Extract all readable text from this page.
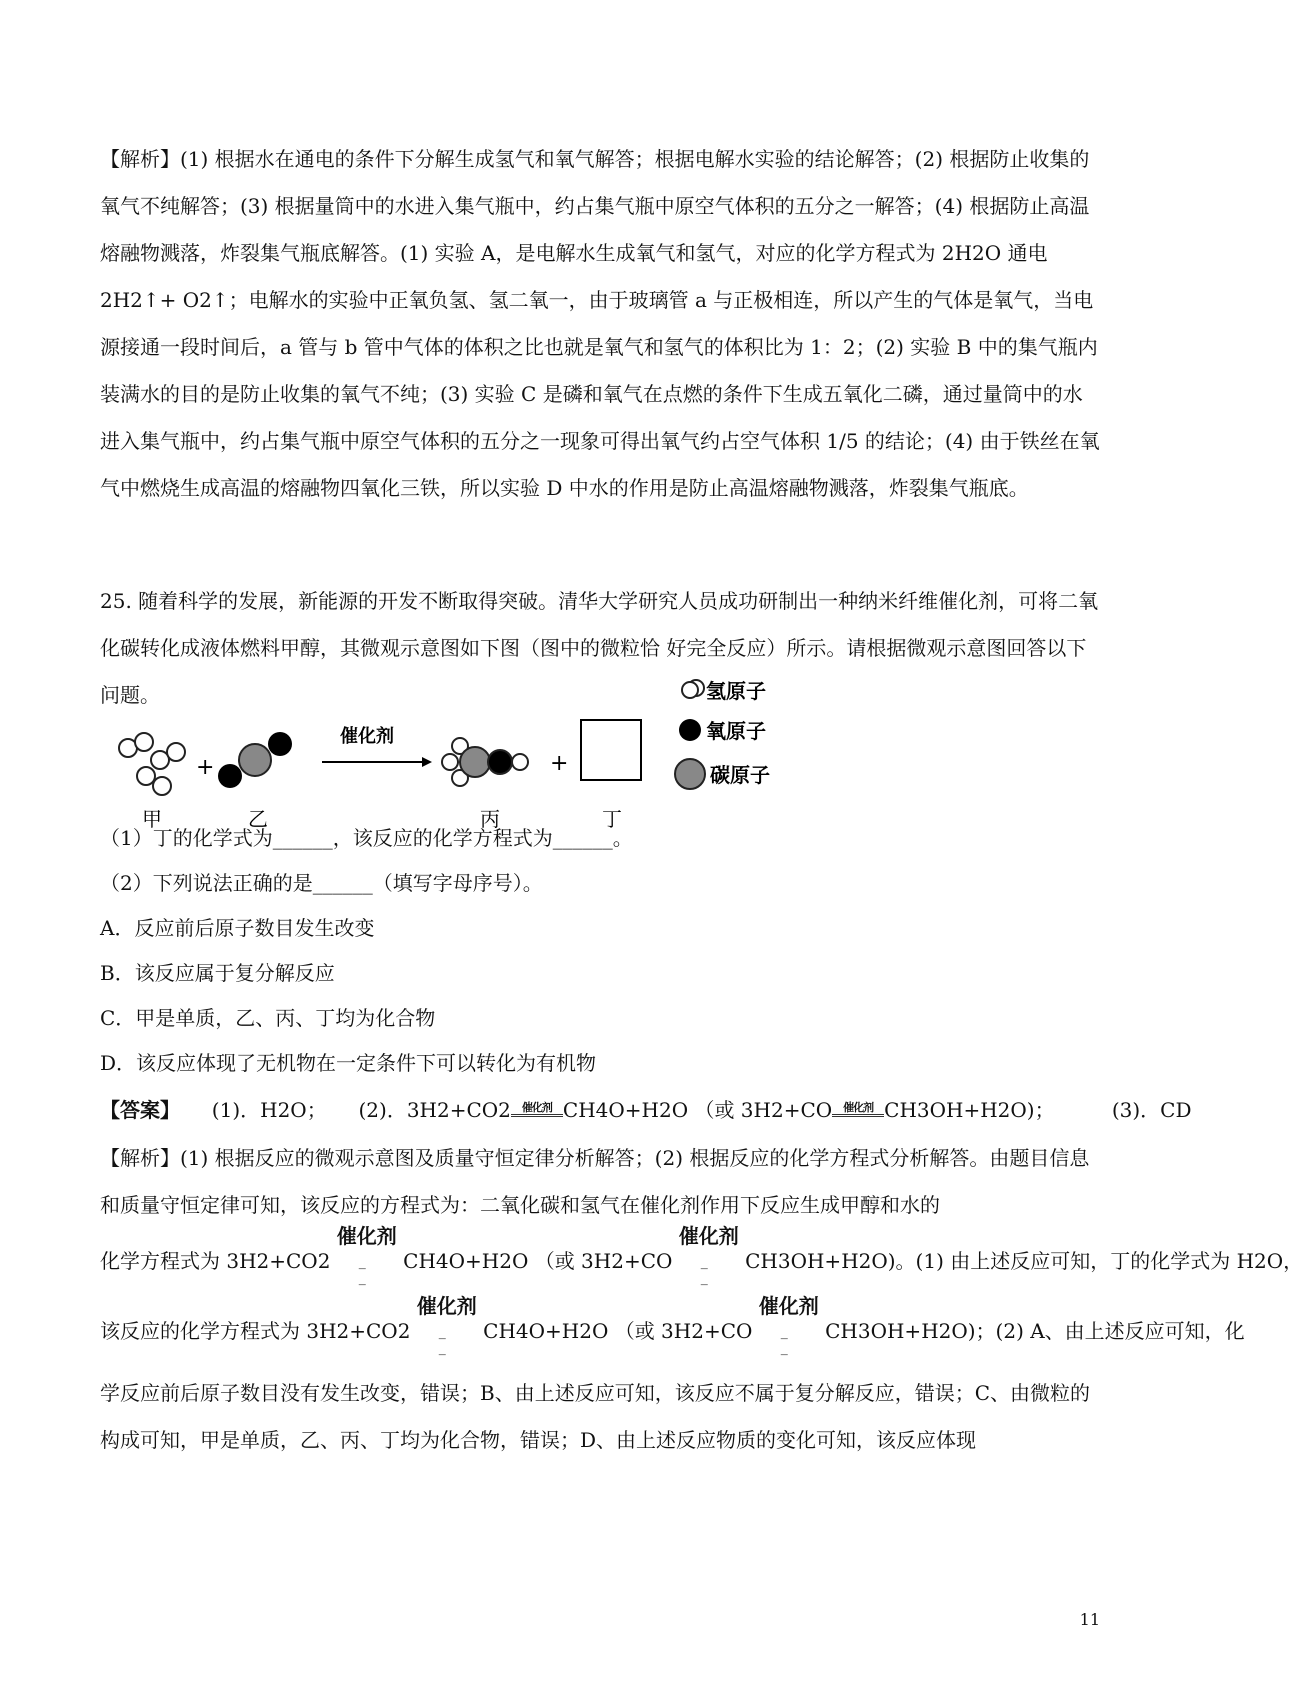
【解析】(1) 根据水在通电的条件下分解生成氢气和氧气解答；根据电解水实验的结论解答；(2) 根据防止收集的氧气不纯解答；(3) 根据量筒中的水进入集气瓶中，约占集气瓶中原空气体积的五分之一解答；(4) 根据防止高温熔融物溅落，炸裂集气瓶底解答。(1) 实验 A，是电解水生成氧气和氢气，对应的化学方程式为 2H2O 通电 2H2↑+ O2↑；电解水的实验中正氧负氢、氢二氧一，由于玻璃管 a 与正极相连，所以产生的气体是氧气，当电源接通一段时间后，a 管与 b 管中气体的体积之比也就是氧气和氢气的体积比为 1：2；(2) 实验 B 中的集气瓶内装满水的目的是防止收集的氧气不纯；(3) 实验 C 是磷和氧气在点燃的条件下生成五氧化二磷，通过量筒中的水进入集气瓶中，约占集气瓶中原空气体积的五分之一现象可得出氧气约占空气体积 1/5 的结论；(4) 由于铁丝在氧气中燃烧生成高温的熔融物四氧化三铁，所以实验 D 中水的作用是防止高温熔融物溅落，炸裂集气瓶底。
25. 随着科学的发展，新能源的开发不断取得突破。清华大学研究人员成功研制出一种纳米纤维催化剂，可将二氧化碳转化成液体燃料甲醇，其微观示意图如下图（图中的微粒恰 好完全反应）所示。请根据微观示意图回答以下问题。
+
催化剂
+
甲	乙	丙	丁
氢原子
氧原子
碳原子
（1）丁的化学式为______，该反应的化学方程式为______。
（2）下列说法正确的是______（填写字母序号）。
A．反应前后原子数目发生改变
B．该反应属于复分解反应
C．甲是单质，乙、丙、丁均为化合物
D．该反应体现了无机物在一定条件下可以转化为有机物
【答案】 (1)．H2O； (2)．3H2+CO2 催化剂 CH4O+H2O （或 3H2+CO 催化剂 CH3OH+H2O)；	(3)．CD
【解析】(1) 根据反应的微观示意图及质量守恒定律分析解答；(2) 根据反应的化学方程式分析解答。由题目信息和质量守恒定律可知，该反应的方程式为：二氧化碳和氢气在催化剂作用下反应生成甲醇和水的
化学方程式为 3H2+CO2
催化剂
_
_
CH4O+H2O （或 3H2+CO
催化剂
_
_
CH3OH+H2O)。(1) 由上述反应可知，丁的化学式为 H2O，
该反应的化学方程式为 3H2+CO2
催化剂
_
_
CH4O+H2O （或 3H2+CO
催化剂
_
_
CH3OH+H2O)；(2) A、由上述反应可知，化
学反应前后原子数目没有发生改变，错误；B、由上述反应可知，该反应不属于复分解反应，错误；C、由微粒的构成可知，甲是单质，乙、丙、丁均为化合物，错误；D、由上述反应物质的变化可知，该反应体现
11
